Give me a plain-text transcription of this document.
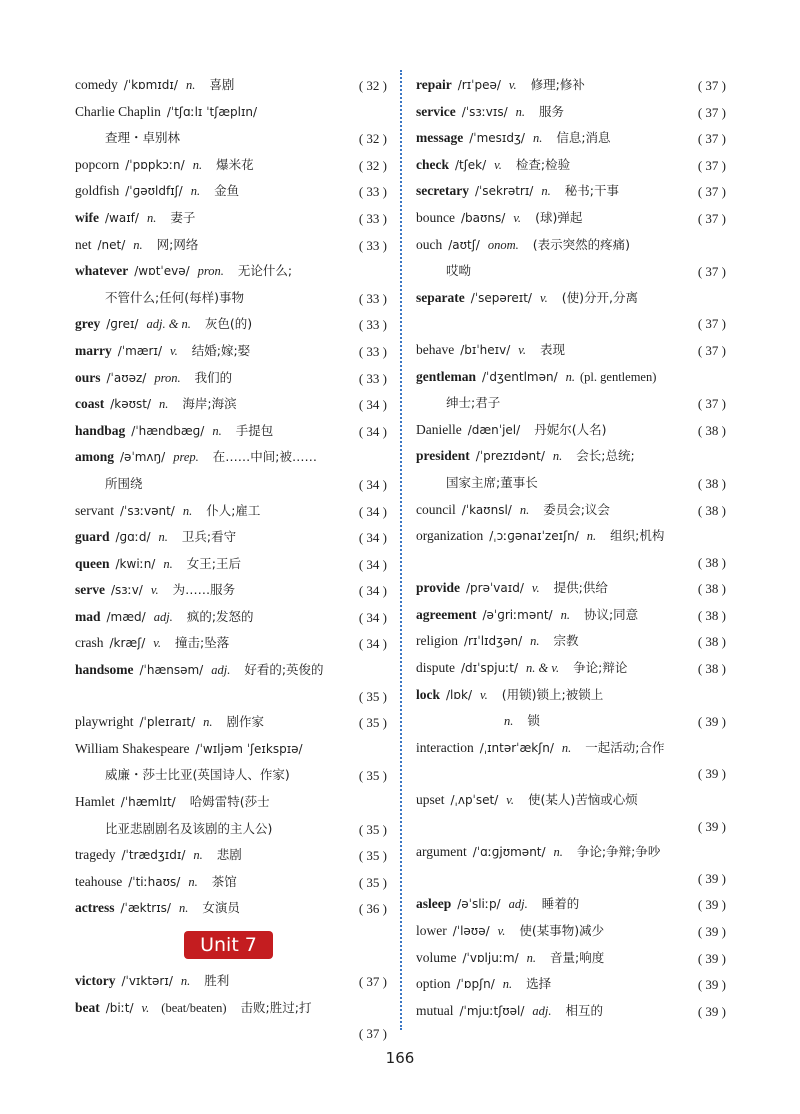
comedy /ˈkɒmɪdɪ/ n. 喜剧	( 32 )
Charlie Chaplin /ˈtʃɑːlɪ ˈtʃæplɪn/
查理・卓别林	( 32 )
popcorn /ˈpɒpkɔːn/ n. 爆米花	( 32 )
goldfish /ˈɡəʊldfɪʃ/ n. 金鱼	( 33 )
wife /waɪf/ n. 妻子	( 33 )
net /net/ n. 网;网络	( 33 )
whatever /wɒtˈevə/ pron. 无论什么;
不管什么;任何(每样)事物	( 33 )
grey /ɡreɪ/ adj. & n. 灰色(的)	( 33 )
marry /ˈmærɪ/ v. 结婚;嫁;娶	( 33 )
ours /ˈaʊəz/ pron. 我们的	( 33 )
coast /kəʊst/ n. 海岸;海滨	( 34 )
handbag /ˈhændbæɡ/ n. 手提包	( 34 )
among /əˈmʌŋ/ prep. 在……中间;被……
所围绕	( 34 )
servant /ˈsɜːvənt/ n. 仆人;雇工	( 34 )
guard /ɡɑːd/ n. 卫兵;看守	( 34 )
queen /kwiːn/ n. 女王;王后	( 34 )
serve /sɜːv/ v. 为……服务	( 34 )
mad /mæd/ adj. 疯的;发怒的	( 34 )
crash /kræʃ/ v. 撞击;坠落	( 34 )
handsome /ˈhænsəm/ adj. 好看的;英俊的
( 35 )
playwright /ˈpleɪraɪt/ n. 剧作家	( 35 )
William Shakespeare /ˈwɪljəm ˈʃeɪkspɪə/
威廉・莎士比亚(英国诗人、作家)	( 35 )
Hamlet /ˈhæmlɪt/ 哈姆雷特(莎士
比亚悲剧剧名及该剧的主人公)	( 35 )
tragedy /ˈtrædʒɪdɪ/ n. 悲剧	( 35 )
teahouse /ˈtiːhaʊs/ n. 茶馆	( 35 )
actress /ˈæktrɪs/ n. 女演员	( 36 )
Unit 7
victory /ˈvɪktərɪ/ n. 胜利	( 37 )
beat /biːt/ v. (beat/beaten) 击败;胜过;打
( 37 )
repair /rɪˈpeə/ v. 修理;修补	( 37 )
service /ˈsɜːvɪs/ n. 服务	( 37 )
message /ˈmesɪdʒ/ n. 信息;消息	( 37 )
check /tʃek/ v. 检查;检验	( 37 )
secretary /ˈsekrətrɪ/ n. 秘书;干事	( 37 )
bounce /baʊns/ v. (球)弹起	( 37 )
ouch /aʊtʃ/ onom. (表示突然的疼痛)
哎呦	( 37 )
separate /ˈsepəreɪt/ v. (使)分开,分离
( 37 )
behave /bɪˈheɪv/ v. 表现	( 37 )
gentleman /ˈdʒentlmən/ n. (pl. gentlemen)
绅士;君子	( 37 )
Danielle /dænˈjel/ 丹妮尔(人名)	( 38 )
president /ˈprezɪdənt/ n. 会长;总统;
国家主席;董事长	( 38 )
council /ˈkaʊnsl/ n. 委员会;议会	( 38 )
organization /ˌɔːɡənaɪˈzeɪʃn/ n. 组织;机构
( 38 )
provide /prəˈvaɪd/ v. 提供;供给	( 38 )
agreement /əˈɡriːmənt/ n. 协议;同意	( 38 )
religion /rɪˈlɪdʒən/ n. 宗教	( 38 )
dispute /dɪˈspjuːt/ n. & v. 争论;辩论	( 38 )
lock /lɒk/ v. (用锁)锁上;被锁上
n. 锁	( 39 )
interaction /ˌɪntərˈækʃn/ n. 一起活动;合作
( 39 )
upset /ˌʌpˈset/ v. 使(某人)苦恼或心烦
( 39 )
argument /ˈɑːɡjʊmənt/ n. 争论;争辩;争吵
( 39 )
asleep /əˈsliːp/ adj. 睡着的	( 39 )
lower /ˈləʊə/ v. 使(某事物)减少	( 39 )
volume /ˈvɒljuːm/ n. 音量;响度	( 39 )
option /ˈɒpʃn/ n. 选择	( 39 )
mutual /ˈmjuːtʃʊəl/ adj. 相互的	( 39 )
166
